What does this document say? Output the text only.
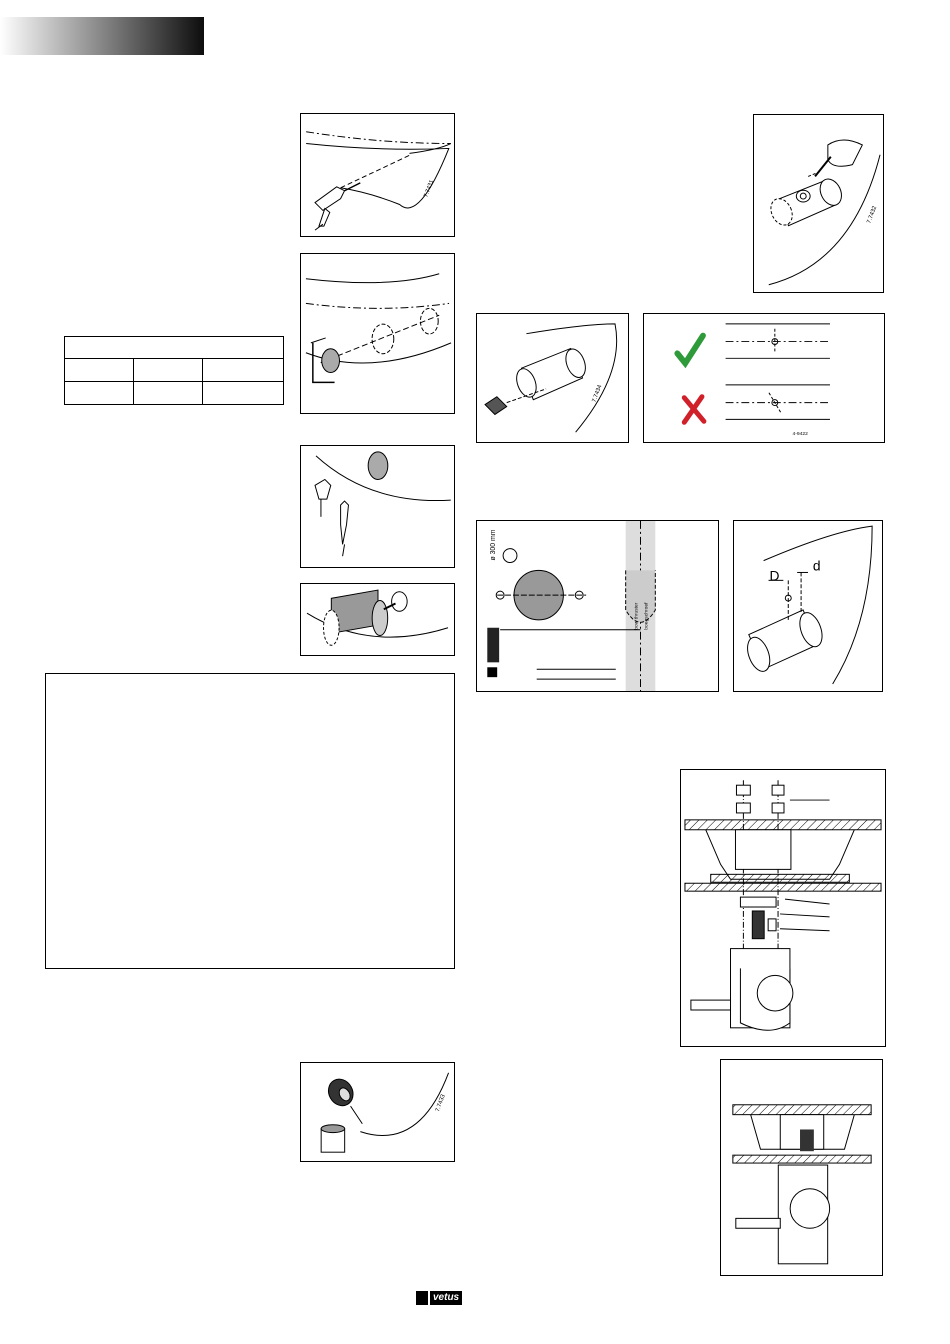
7.7431

7.7433
7.7432
7.7434
4-9422
ø 300 mm
bow thruster boegschroef
D
d
vetus
